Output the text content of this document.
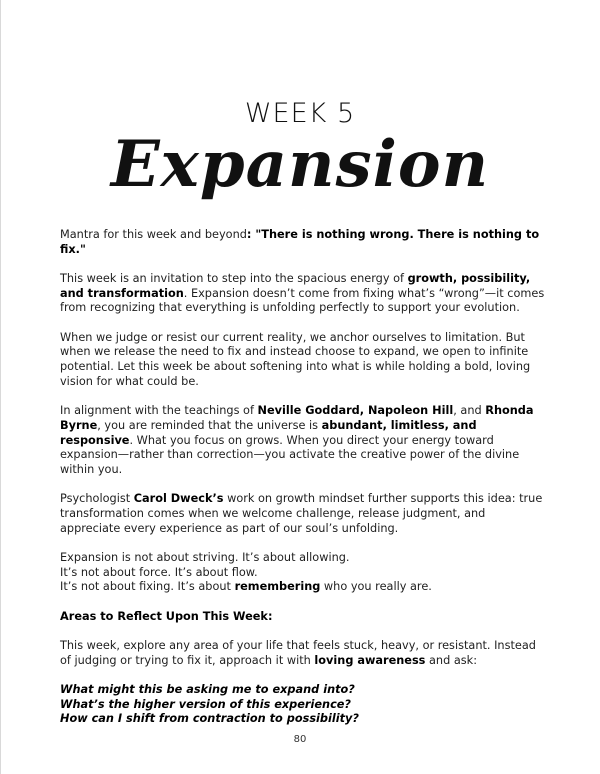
WEEK 5
Expansion

Mantra for this week and beyond: "There is nothing wrong. There is nothing to fix."

This week is an invitation to step into the spacious energy of growth, possibility, and transformation. Expansion doesn’t come from fixing what’s “wrong”—it comes from recognizing that everything is unfolding perfectly to support your evolution.

When we judge or resist our current reality, we anchor ourselves to limitation. But when we release the need to fix and instead choose to expand, we open to infinite potential. Let this week be about softening into what is while holding a bold, loving vision for what could be.

In alignment with the teachings of Neville Goddard, Napoleon Hill, and Rhonda Byrne, you are reminded that the universe is abundant, limitless, and responsive. What you focus on grows. When you direct your energy toward expansion—rather than correction—you activate the creative power of the divine within you.

Psychologist Carol Dweck’s work on growth mindset further supports this idea: true transformation comes when we welcome challenge, release judgment, and appreciate every experience as part of our soul’s unfolding.

Expansion is not about striving. It’s about allowing.
It’s not about force. It’s about flow.
It’s not about fixing. It’s about remembering who you really are.

Areas to Reflect Upon This Week:

This week, explore any area of your life that feels stuck, heavy, or resistant. Instead of judging or trying to fix it, approach it with loving awareness and ask:

What might this be asking me to expand into?
What’s the higher version of this experience?
How can I shift from contraction to possibility?

80
